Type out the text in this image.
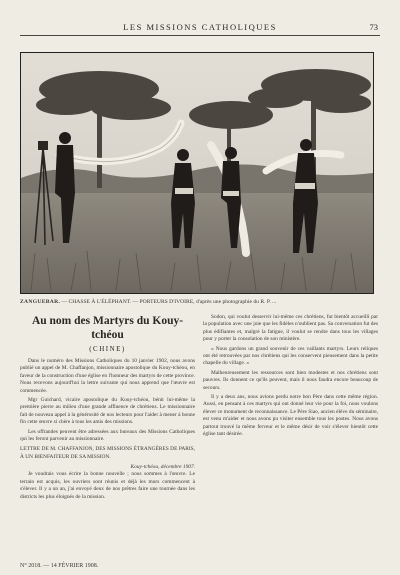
LES MISSIONS CATHOLIQUES	73
ZANGUEBAR. — CHASSE À L'ÉLÉPHANT. — PORTEURS D'IVOIRE, d'après une photographie du R. P. ...
Au nom des Martyrs du Kouy-tchéou
(CHINE)

Dans le numéro des Missions Catholiques du 10 janvier 1902, nous avons publié un appel de M. Chaffanjon, missionnaire apostolique du Kouy-tchéou, en faveur de la construction d'une église en l'honneur des martyrs de cette province. Nous recevons aujourd'hui la lettre suivante qui nous apprend que l'œuvre est commencée.

Mgr Guichard, vicaire apostolique du Kouy-tchéou, bénit lui-même la première pierre au milieu d'une grande affluence de chrétiens. Le missionnaire fait de nouveau appel à la générosité de nos lecteurs pour l'aider à mener à bonne fin cette œuvre si chère à tous les amis des missions.

Les offrandes peuvent être adressées aux bureaux des Missions Catholiques qui les feront parvenir au missionnaire.

LETTRE DE M. CHAFFANJON, DES MISSIONS ÉTRANGÈRES DE PARIS, À UN BIENFAITEUR DE SA MISSION.
Kouy-tchéou, décembre 1907.

Je voudrais vous écrire la bonne nouvelle ; nous sommes à l'œuvre. Le terrain est acquis, les ouvriers sont réunis et déjà les murs commencent à s'élever. Il y a un an, j'ai envoyé deux de nos prêtres faire une tournée dans les districts les plus éloignés de la mission.

Sodon, qui voulut desservir lui-même ces chrétiens, fut bientôt accueilli par la population avec une joie que les fidèles n'oublient pas. Sa conversation fut des plus édifiantes et, malgré la fatigue, il voulut se rendre dans tous les villages pour y porter la consolation de son ministère.

« Nous gardons un grand souvenir de ces vaillants martyrs. Leurs reliques ont été retrouvées par nos chrétiens qui les conservent pieusement dans la petite chapelle du village. »

Malheureusement les ressources sont bien modestes et nos chrétiens sont pauvres. Ils donnent ce qu'ils peuvent, mais il nous faudra encore beaucoup de secours.

Il y a deux ans, nous avions perdu notre bon Père dans cette même région. Aussi, en pensant à ces martyrs qui ont donné leur vie pour la foi, nous voulons élever ce monument de reconnaissance. Le Père Siao, ancien élève du séminaire, est venu m'aider et nous avons pu visiter ensemble tous les postes. Nous avons partout trouvé la même ferveur et le même désir de voir s'élever bientôt cette église tant désirée.

N° 2018. — 14 FÉVRIER 1908.
